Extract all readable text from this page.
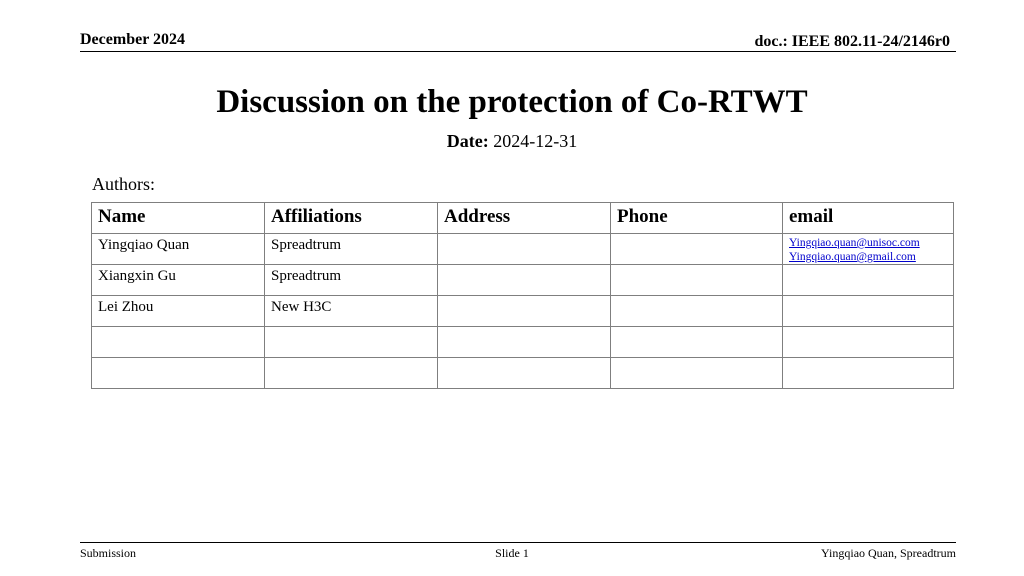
December 2024	doc.: IEEE 802.11-24/2146r0
Discussion on the protection of Co-RTWT
Date: 2024-12-31
Authors:
Name	Affiliations	Address	Phone	email
Yingqiao Quan	Spreadtrum			Yingqiao.quan@unisoc.com
Yingqiao.quan@gmail.com

Xiangxin Gu	Spreadtrum			
Lei Zhou	New H3C			

Submission	Slide 1	Yingqiao Quan, Spreadtrum
